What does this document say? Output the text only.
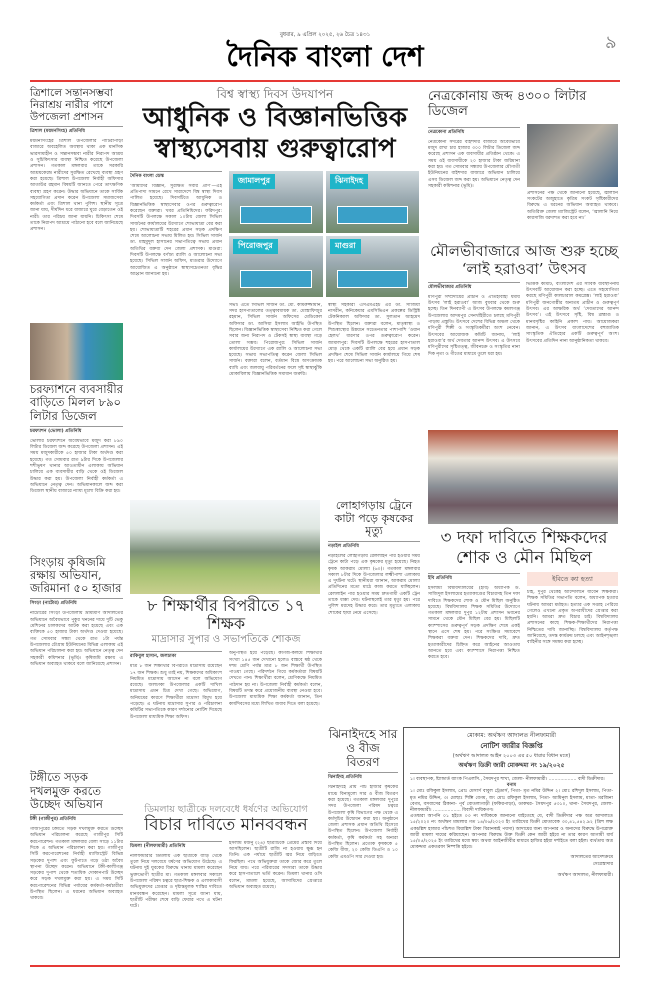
বুধবার, ৯ এপ্রিল ২০২৫, ২৬ চৈত্র ১৪৩১
দৈনিক বাংলা দেশ	৯
ত্রিশালে সন্তানসম্ভবা নিরাশ্রয় নারীর পাশে উপজেলা প্রশাসন
ত্রিশাল (ময়মনসিংহ) প্রতিনিধি
ময়মনসিংহের ত্রিশাল উপজেলার পাটিরাপাড়া বাজারে অবহেলিত অবস্থায় থাকা এক মানসিক ভারসাম্যহীন ও সন্তানসম্ভবা নারীর নিরাপদ আশ্রয় ও সুচিকিৎসার ব্যবস্থা নিশ্চিত করেছে উপজেলা প্রশাসন। গতকাল মঙ্গলবার তাকে সরকারি আশ্রয়কেন্দ্রে নারীদের সুরক্ষিত রেখেছে ব্যবস্থা গ্রহণ করা হয়েছে। ত্রিশাল উপজেলা নির্বাহী অফিসার আতাউর রহমান বিষয়টি জানতে পেরে তাৎক্ষণিক ব্যবস্থা গ্রহণ করেন। উদ্ধার অভিযানে তাকে সার্বিক সহযোগিতা প্রদান করেন উপজেলা সমাজসেবা কর্মকর্তা এবং ত্রিশাল থানা পুলিশ। স্থানীয় সূত্রে জানা যায়, দীর্ঘদিন ধরে বাজারে ঘুরে বেড়াতেন ওই নারী। তার পরিচয় জানা যায়নি। চিকিৎসা শেষে তাকে নিরাপদ আশ্রয়ে পাঠানো হবে বলে জানিয়েছে প্রশাসন।
চরফ্যাশনে ব্যবসায়ীর বাড়িতে মিলল ৮৯০ লিটার ডিজেল
চরফ্যাশন (ভোলা) প্রতিনিধি
ভোলার চরফ্যাশনে অবৈধভাবে মজুদ করা ৮৯০ লিটার ডিজেল জব্দ করেছে উপজেলা প্রশাসন। এই সময় মজুদকারীকে ৫০ হাজার টাকা অর্থদণ্ড করা হয়েছে। গত সোমবার রাত ৯টার দিকে উপজেলার শশীভূষণ থানার আওতাধীন এলাকায় অভিযান চালিয়ে এক ব্যবসায়ীর বাড়ি থেকে ওই ডিজেল উদ্ধার করা হয়। উপজেলা নির্বাহী কর্মকর্তা এ অভিযানে নেতৃত্ব দেন। অভিযানকালে জব্দ করা ডিজেল স্থানীয় বাজারে ন্যায্য মূল্যে বিক্রি করা হয়।
সিংড়ায় কৃষিজমি রক্ষায় অভিযান, জরিমানা ৫০ হাজার
সিংড়া (নাটোর) প্রতিনিধি
নাটোরের সিংড়া উপজেলায় ভ্রাম্যমাণ আদালতের অভিযানে অবৈধভাবে পুকুর খননের দায়ে দুটি ভেকু মেশিনের চালকদের আটক করা হয়েছে এবং এক ব্যক্তিকে ৫০ হাজার টাকা অর্থদণ্ড দেওয়া হয়েছে। গত সোমবার সন্ধ্যা থেকে রাত ১টা পর্যন্ত উপজেলার চৌগ্রাম ইউনিয়নের বিভিন্ন এলাকায় এই অভিযান পরিচালনা করা হয়। অভিযানে নেতৃত্ব দেন সহকারী কমিশনার (ভূমি)। কৃষিজমি রক্ষায় এ অভিযান অব্যাহত থাকবে বলে জানিয়েছে প্রশাসন।
টঙ্গীতে সড়ক দখলমুক্ত করতে উচ্ছেদ অভিযান
টঙ্গী (গাজীপুর) প্রতিনিধি
গাজীপুরের টঙ্গীতে সড়ক দখলমুক্ত করতে উচ্ছেদ অভিযান পরিচালনা করেছে গাজীপুর সিটি করপোরেশন। গতকাল মঙ্গলবার বেলা সাড়ে ১১টার দিকে এ অভিযান পরিচালনা করা হয়। গাজীপুর সিটি করপোরেশনের নির্বাহী ম্যাজিস্ট্রেট বিভিন্ন সড়কের দুপাশ এবং ফুটপাতে গড়ে ওঠা অবৈধ স্থাপনা উচ্ছেদ করেন। অভিযানে টঙ্গী-কালীগঞ্জ সড়কের দুপাশ থেকে শতাধিক দোকানপাট উচ্ছেদ করে সড়ক দখলমুক্ত করা হয়। এ সময় সিটি করপোরেশনের বিভিন্ন পর্যায়ের কর্মকর্তা-কর্মচারীরা উপস্থিত ছিলেন। এ ধরনের অভিযান অব্যাহত থাকবে।
বিশ্ব স্বাস্থ্য দিবস উদযাপন
আধুনিক ও বিজ্ঞানভিত্তিক স্বাস্থ্যসেবায় গুরুত্বারোপ
দৈনিক বাংলা ডেস্ক
‘আমাদের বিজ্ঞান, সুরক্ষিত সবার প্রাণ’—এই প্রতিপাদ্য সামনে রেখে সারাদেশে বিশ্ব স্বাস্থ্য দিবস পালিত হয়েছে। দিবসটিতে আধুনিক ও বিজ্ঞানভিত্তিক স্বাস্থ্যসেবার ওপর গুরুত্বারোপ করেছেন বক্তারা। খবর প্রতিনিধিদের। ফরিদপুর: দিবসটি উপলক্ষে সকাল ১০টায় জেলা সিভিল সার্জনের কার্যালয়ের উদ্যোগে শোভাযাত্রা বের করা হয়। শোভাযাত্রাটি শহরের প্রধান সড়ক প্রদক্ষিণ শেষে আলোচনা সভায় মিলিত হয়। সিভিল সার্জন ডা. মাহমুদুল হাসানের সভাপতিত্বে সভায় প্রধান অতিথির বক্তব্য দেন জেলা প্রশাসক। মাগুরা: দিবসটি উপলক্ষে বর্ণাঢ্য র‌্যালি ও আলোচনা সভা হয়েছে। সিভিল সার্জন অফিস, মাগুরার উদ্যোগে আয়োজিত এ অনুষ্ঠানে স্বাস্থ্যসচেতনতা বৃদ্ধির আহ্বান জানানো হয়।
জামালপুর	ঝিনাইদহ
পিরোজপুর	মাগুরা
সভা। এতে সিভিল সার্জন ডা. মো. কামরুজ্জামান, সদর হাসপাতালের তত্ত্বাবধায়ক ডা. মোস্তাফিজুর রহমান, সিভিল সার্জন অফিসের মেডিকেল অফিসার ডা. আসিয়া ইসলাম আইভি উপস্থিত ছিলেন। বিজ্ঞানভিত্তিক স্বাস্থ্যসেবা নিশ্চিত করা গেলে সবার জন্য নিরাপদ ও টেকসই স্বাস্থ্য ব্যবস্থা গড়ে তোলা সম্ভব। পিরোজপুর: সিভিল সার্জন কার্যালয়ের উদ্যোগে এক র‌্যালি ও আলোচনা সভা হয়েছে। সভায় সভাপতিত্ব করেন জেলা সিভিল সার্জন। বক্তারা বলেন, বর্তমান বিশ্বে অসংক্রামক ব্যাধি এবং জলবায়ু পরিবর্তনের ফলে সৃষ্ট স্বাস্থ্যঝুঁকি মোকাবিলায় বিজ্ঞানভিত্তিক সমাধান জরুরি।
স্বাস্থ্য সহকারী এসএমএইচ এর ডা. সাজিয়া নাসরীন, কনিকেয়ার এমসিভিএন প্রকল্পের ডিস্ট্রিক্ট টেকনিক্যাল অফিসার ডা. সুলতান আহমেদ উপস্থিত ছিলেন। বক্তারা বলেন, মাতৃস্বাস্থ্য ও শিশুস্বাস্থ্যের উন্নয়নে সচেতনতার পাশাপাশি ‘ওয়ান হেলথ’ ধারণার ওপর গুরুত্বারোপ করেন। জামালপুর: দিবসটি উপলক্ষে শহরের হাসপাতাল মোড় থেকে একটি র‌্যালি বের হয়ে প্রধান সড়ক প্রদক্ষিণ শেষে সিভিল সার্জন কার্যালয়ে গিয়ে শেষ হয়। পরে আলোচনা সভা অনুষ্ঠিত হয়।
৮ শিক্ষার্থীর বিপরীতে ১৭ শিক্ষক
মাদ্রাসার সুপার ও সভাপতিকে শোকজ
রাকিবুল হাসান, জলঢাকা
মাত্র ৮ জন শিক্ষার্থীর বিপরীতে মাদ্রাসায় রয়েছেন ১৭ জন শিক্ষক। শুধু তাই নয়, শিক্ষকদের অধিকাংশ নিয়মিত মাদ্রাসায় আসেন না বলে অভিযোগ রয়েছে। জলঢাকা উপজেলার একটি দাখিল মাদ্রাসায় এমন চিত্র দেখা গেছে। অভিযোগ, অনিয়মের কারণে শিক্ষার্থীরা মাদ্রাসা বিমুখ হয়ে পড়েছে। এ ঘটনায় মাদ্রাসার সুপার ও পরিচালনা কমিটির সভাপতিকে কারণ দর্শানোর নোটিশ দিয়েছে উপজেলা মাধ্যমিক শিক্ষা অফিস।
অনুপস্থিত হয়ে পড়েছে। কাগজ-কলমে শিক্ষার্থীর সংখ্যা ১৪৫ জন দেখানো হলেও বাস্তবে ষষ্ঠ থেকে দশম শ্রেণি পর্যন্ত মাত্র ৮ জন শিক্ষার্থী উপস্থিত পাওয়া গেছে। পরিদর্শনে গিয়ে কর্মকর্তারা বিষয়টি দেখতে পান। শিক্ষার্থীরা বলেন, শ্রেণিকক্ষে নিয়মিত পাঠদান হয় না। উপজেলা নির্বাহী কর্মকর্তা বলেন, বিষয়টি তদন্ত করে প্রয়োজনীয় ব্যবস্থা নেওয়া হবে। উপজেলা মাধ্যমিক শিক্ষা কর্মকর্তা জানান, তিন কার্যদিবসের মধ্যে লিখিত জবাব দিতে বলা হয়েছে।
ডিমলায় ছাত্রীকে দলবেধে ধর্ষণের অভিযোগ
বিচার দাবিতে মানববন্ধন
ডিমলা (নীলফামারী) প্রতিনিধি
নীলফামারীর ডিমলায় এক ছাত্রীকে বাড়ি থেকে তুলে নিয়ে দলবেধে ধর্ষণের অভিযোগ উঠেছে। এ ঘটনায় দুই যুবকের বিরুদ্ধে থানায় মামলা করেছেন ভুক্তভোগী ছাত্রীর মা। গতকাল মঙ্গলবার সকালে উপজেলা পরিষদ চত্বরে ছাত্র-শিক্ষক ও এলাকাবাসী অভিযুক্তদের গ্রেপ্তার ও দৃষ্টান্তমূলক শাস্তির দাবিতে মানববন্ধন করেছেন। মামলা সূত্রে জানা যায়, ছাত্রীটি পরীক্ষা শেষে বাড়ি ফেরার পথে এ ঘটনা ঘটে।
ইসলাম মজনু (২৪) ছাত্রীটিকে প্রেমের প্রস্তাব দিয়ে আসছিলেন। ছাত্রীটি রাজি না হওয়ায় ক্ষুব্ধ হন তিনি। এক পর্যায়ে ছাত্রীটি জ্বর নিয়ে বাড়িতে ফিরছিল। পথে অভিযুক্তরা তাকে জোর করে তুলে নিয়ে যায়। পরে পরিবারের সদস্যরা তাকে উদ্ধার করে হাসপাতালে ভর্তি করেন। ডিমলা থানার ওসি বলেন, মামলা হয়েছে, আসামিদের গ্রেপ্তারে অভিযান অব্যাহত রয়েছে।
লোহাগড়ায় ট্রেনে কাটা পড়ে কৃষকের মৃত্যু
নড়াইল প্রতিনিধি
নড়াইলের লোহাগড়ায় রেললাইন পার হওয়ার সময় ট্রেনে কাটা পড়ে এক কৃষকের মৃত্যু হয়েছে। নিহত কৃষক আকরাম মোল্যা (৬০)। গতকাল মঙ্গলবার সকাল ৮টার দিকে উপজেলার লক্ষ্মীপাশা এলাকায় এ দুর্ঘটনা ঘটে। স্থানীয়রা জানান, আকরাম মোল্যা প্রতিদিনের মতো মাঠে কাজ করতে যাচ্ছিলেন। রেললাইন পার হওয়ার সময় দ্রুতগামী একটি ট্রেন তাকে ধাক্কা দেয়। ঘটনাস্থলেই তার মৃত্যু হয়। পরে পুলিশ মরদেহ উদ্ধার করে। তার মৃত্যুতে এলাকায় শোকের ছায়া নেমে এসেছে।
ঝিনাইদহে সার ও বীজ বিতরণ
ঝিনাইদহ প্রতিনিধি
ঝিনাইদহে প্রায় পাঁচ হাজার কৃষকের মাঝে বিনামূল্যে সার ও বীজ বিতরণ করা হয়েছে। গতকাল মঙ্গলবার দুপুরে সদর উপজেলা পরিষদ চত্বরে উপজেলা কৃষি বিভাগের পক্ষ থেকে এ কর্মসূচির উদ্বোধন করা হয়। অনুষ্ঠানে জেলা প্রশাসক প্রধান অতিথি হিসেবে উপস্থিত ছিলেন। উপজেলা নির্বাহী কর্মকর্তা, কৃষি কর্মকর্তা সহ অন্যরা উপস্থিত ছিলেন। প্রত্যেক কৃষককে ৫ কেজি বীজ, ২০ কেজি ডিএপি ও ১০ কেজি এমওপি সার দেওয়া হয়।
নেত্রকোনায় জব্দ ৪৩০০ লিটার ডিজেল
নেত্রকোনা প্রতিনিধি
নেত্রকোনা সদরের বাইশদার বাজারে অবৈধভাবে মজুদ রাখা চার হাজার ৩০০ লিটার ডিজেল জব্দ করেছে প্রশাসন এক ব্যবসায়ীর প্রতিষ্ঠান থেকে। এ সময় ওই ব্যবসায়ীকে ২০ হাজার টাকা জরিমানা করা হয়। গত সোমবার সন্ধ্যায় উপজেলার মৌগাতী ইউনিয়নের বাইশদার বাজারে অভিযান চালিয়ে এসব ডিজেল জব্দ করা হয়। অভিযানে নেতৃত্ব দেন সহকারী কমিশনার (ভূমি)।
প্রশাসনের পক্ষ থেকে জানানো হয়েছে, জ্বালানি সংকটের অজুহাতে কৃত্রিম সংকট সৃষ্টিকারীদের বিরুদ্ধে এ ধরনের অভিযান অব্যাহত থাকবে। অতিরিক্ত জেলা ম্যাজিস্ট্রেট বলেন, ‘জ্বালানি নিয়ে কারসাজি বরদাশত করা হবে না।’
মৌলভীবাজারে আজ শুরু হচ্ছে ‘লাই হরাওবা’ উৎসব
মৌলভীবাজার প্রতিনিধি
মণিপুরী সম্প্রদায়ের প্রাচীন ও ঐতিহ্যবাহী ধর্মীয় উৎসব ‘লাই হরাওবা’ আজ বুধবার থেকে শুরু হচ্ছে। তিন দিনব্যাপী এ উৎসব উপলক্ষে কমলগঞ্জ উপজেলার আদমপুর সেনখাঁইরীতে চলছে মণিপুরী পাড়ায় প্রস্তুতি। উৎসবে দেশের বিভিন্ন অঞ্চল থেকে মণিপুরী শিল্পী ও সংস্কৃতিকর্মীরা অংশ নেবেন। উৎসবের আয়োজক কমিটি জানায়, ‘লাই হরাওবা’র অর্থ দেবতার আনন্দ উৎসব। এ উৎসবে মণিপুরীদের সৃষ্টিতত্ত্ব, জীবনচক্র ও সংস্কৃতির নানা দিক নৃত্য ও গীতের মাধ্যমে তুলে ধরা হয়।
ভিত্তিক কমিটি, বাংলাদেশ এর সার্বিক ব্যবস্থাপনায় উৎসবটি আয়োজন করা হচ্ছে। এতে সহযোগিতা করছে মণিপুরী কালচারাল কমপ্লেক্স। ‘লাই হরাওবা’ মণিপুরী জনগোষ্ঠীর অন্যতম প্রাচীন ও গুরুত্বপূর্ণ উৎসব। এর আক্ষরিক অর্থ ‘দেবতাদের আনন্দ উৎসব’। এই উৎসবে সৃষ্টি, বিশ্ব ব্রহ্মাণ্ড ও মানবসৃষ্টির কাহিনি প্রকাশ পায়। আয়োজকরা জানান, এ উৎসব বাংলাদেশের বহুজাতিক সাংস্কৃতিক ঐতিহ্যের একটি গুরুত্বপূর্ণ অংশ। উৎসবের প্রতিদিন নানা আনুষ্ঠানিকতা থাকবে।
৩ দফা দাবিতে শিক্ষকদের শোক ও মৌন মিছিল
ইবি প্রতিনিধি
ইসলামী বিশ্ববিদ্যালয়ের (ইবি) অধ্যাপক ড. সাজিদুল ইসলামের হত্যাকাণ্ডের বিচারসহ তিন দফা দাবিতে শিক্ষকদের শোক ও মৌন মিছিল অনুষ্ঠিত হয়েছে। বিশ্ববিদ্যালয় শিক্ষক সমিতির উদ্যোগে গতকাল মঙ্গলবার দুপুর ১২টায় প্রশাসন ভবনের সামনে থেকে মৌন মিছিল বের হয়। মিছিলটি ক্যাম্পাসের গুরুত্বপূর্ণ সড়ক প্রদক্ষিণ শেষে একই স্থানে এসে শেষ হয়। পরে সংক্ষিপ্ত সমাবেশে শিক্ষকরা বক্তব্য দেন। শিক্ষকদের দাবি, দ্রুত হত্যাকারীদের চিহ্নিত করে আইনের আওতায় আনতে হবে এবং ক্যাম্পাসে নিরাপত্তা নিশ্চিত করতে হবে।
ইবিতে ক্যা হত্যা
চাই, দুপুর থেকেই আন্দোলনে যাবেন শিক্ষকরা। শিক্ষক সমিতির সভাপতি বলেন, অধ্যাপক হত্যার ঘটনায় আমরা মর্মাহত। হত্যার এক সপ্তাহ পেরিয়ে গেলেও এখনো প্রকৃত অপরাধীদের গ্রেপ্তার করা হয়নি। আমরা দ্রুত বিচার চাই। বিশ্ববিদ্যালয় প্রশাসনের কাছে শিক্ষক-শিক্ষার্থীদের নিরাপত্তা নিশ্চিতের দাবি জানাচ্ছি। বিশ্ববিদ্যালয় কর্তৃপক্ষ জানিয়েছে, তদন্ত কার্যক্রম চলছে এবং আইনশৃঙ্খলা বাহিনীর সঙ্গে সমন্বয় করা হচ্ছে।
মোকাম: অর্থঋণ আদালত নীলফামারী
নোটিশ জারীর বিজ্ঞপ্তি
(অর্থঋণ আদালত আইন ২০০৩ এর ৫০ ধারার বিধান মতে)
অর্থঋণ ডিক্রী জারী মোকদ্দমা নং ১৯/২০২৫
১। ব্যবস্থাপক, ষ্ট্যান্ডার্ড ব্যাংক পিএলসি., সৈয়দপুর শাখা, জেলা- নীলফামারী। ................... বাদী ডিক্রীদার।
বনাম
১। মোঃ রফিকুল ইসলাম, প্রোঃ মেসার্স বাবুল ট্রেডার্স, পিতা- মৃত নমির উদ্দিন ২। মোঃ রশিদুল ইসলাম, পিতা- মৃত নমির উদ্দিন, ৩। মোছাঃ শিল্পি বেগম, জং মোঃ রফিকুল ইসলাম, পিতা- আমিনুল ইসলাম, মাতা- মরজিনা বেগম, বসবাসের ঠিকানা- পূর্ব বোতলাগাড়ী (ফকিরপাড়া), ডাকঘর- সৈয়দপুর ৫৩১০, থানা- সৈয়দপুর, জেলা- নীলফামারী। ................... বিবাদী দায়িকগণ।
এতদ্বারা আপনি ০১ হইতে ০৩ নং দায়িককে জানানো যাইতেছে যে, বাদী ডিক্রীদার পক্ষ অত্র আদালতে ১৫/২০২০ নং অর্থঋণ মামলার গত ১৪/০৬/২০২৩ ইং তারিখের ডিক্রী মোতাবেক ৩০,৪১,৫৪২.৯২ (ত্রিশ লক্ষ একচল্লিশ হাজার পাঁচশত বিয়াল্লিশ টাকা বিরানব্বই পয়সা) আদায়ের জন্য আপনার ও অন্যদের বিরুদ্ধে উপরোক্ত জারী মামলা দায়ের করিয়াছেন। আপনার বিরুদ্ধে উক্ত ডিক্রী কেন জারী হইবে না তার কারণ আগামী ধার্য ১৫/০৫/২০২৫ ইং তারিখের মধ্যে স্বয়ং অথবা আইনজীবীর মাধ্যমে হাজির হইয়া দর্শাইতে বলা হইল। ব্যর্থতায় অত্র মোকদ্দমা একতরফা নিষ্পত্তি হইবে।
আদালতের আদেশক্রমে
সেরেস্তাদার
অর্থঋণ আদালত, নীলফামারী।
